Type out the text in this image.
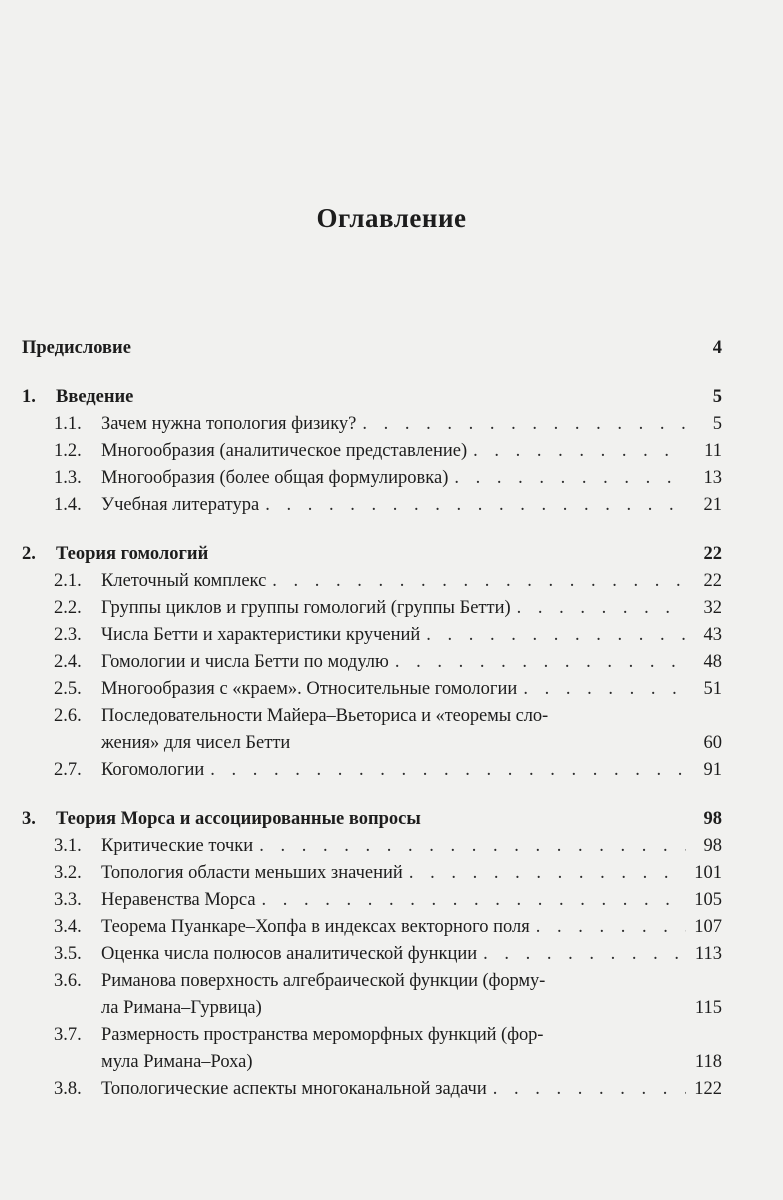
Оглавление
Предисловие	4
1.	Введение	5
1.1.	Зачем нужна топология физику? . . .	5
1.2.	Многообразия (аналитическое представление) . . .	11
1.3.	Многообразия (более общая формулировка) . . .	13
1.4.	Учебная литература . . .	21
2.	Теория гомологий	22
2.1.	Клеточный комплекс . . .	22
2.2.	Группы циклов и группы гомологий (группы Бетти) . . .	32
2.3.	Числа Бетти и характеристики кручений . . .	43
2.4.	Гомологии и числа Бетти по модулю . . .	48
2.5.	Многообразия с «краем». Относительные гомологии . . .	51
2.6.	Последовательности Майера–Вьеториса и «теоремы сло-
жения» для чисел Бетти	60
2.7.	Когомологии . . .	91
3.	Теория Морса и ассоциированные вопросы	98
3.1.	Критические точки . . .	98
3.2.	Топология области меньших значений . . .	101
3.3.	Неравенства Морса . . .	105
3.4.	Теорема Пуанкаре–Хопфа в индексах векторного поля . . .	107
3.5.	Оценка числа полюсов аналитической функции . . .	113
3.6.	Риманова поверхность алгебраической функции (форму-
ла Римана–Гурвица)	115
3.7.	Размерность пространства мероморфных функций (фор-
мула Римана–Роха)	118
3.8.	Топологические аспекты многоканальной задачи . . .	122
